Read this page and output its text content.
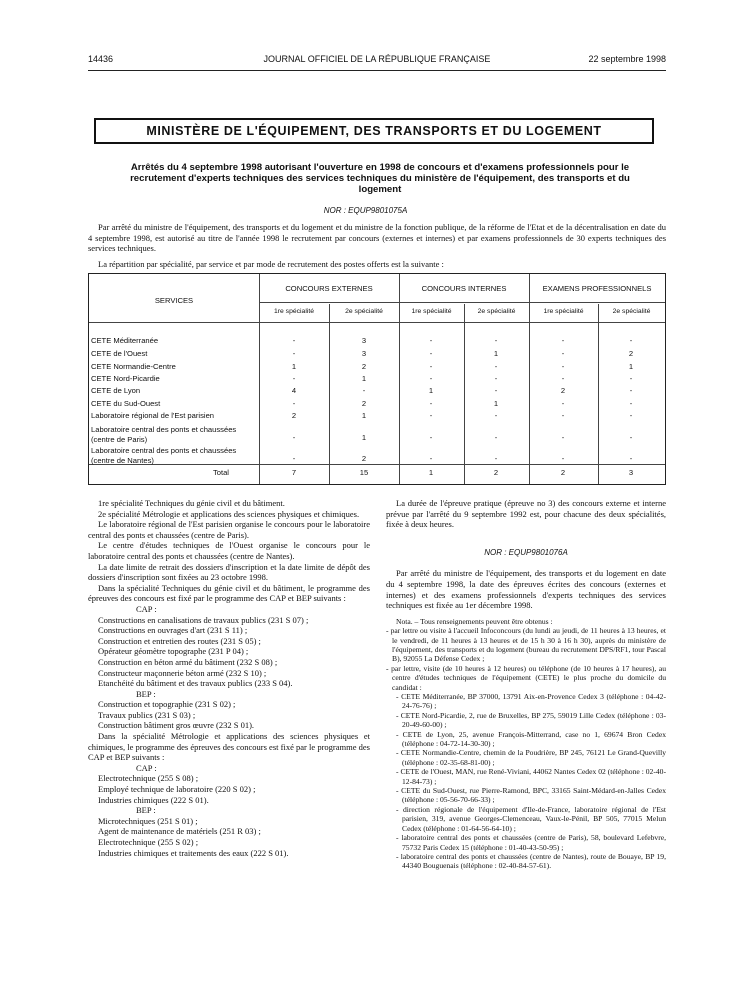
14436	JOURNAL OFFICIEL DE LA RÉPUBLIQUE FRANÇAISE	22 septembre 1998
MINISTÈRE DE L'ÉQUIPEMENT, DES TRANSPORTS ET DU LOGEMENT
Arrêtés du 4 septembre 1998 autorisant l'ouverture en 1998 de concours et d'examens professionnels pour le recrutement d'experts techniques des services techniques du ministère de l'équipement, des transports et du logement
NOR : EQUP9801075A

Par arrêté du ministre de l'équipement, des transports et du logement et du ministre de la fonction publique, de la réforme de l'Etat et de la décentralisation en date du 4 septembre 1998, est autorisé au titre de l'année 1998 le recrutement par concours (externes et internes) et par examens professionnels de 30 experts techniques des services techniques.

La répartition par spécialité, par service et par mode de recrutement des postes offerts est la suivante :

SERVICES
CONCOURS EXTERNES	CONCOURS INTERNES	EXAMENS PROFESSIONNELS
1re spécialité	2e spécialité	1re spécialité	2e spécialité	1re spécialité	2e spécialité
CETE Méditerranée	-	3	-	-	-	-
CETE de l'Ouest	-	3	-	1	-	2
CETE Normandie-Centre	1	2	-	-	-	1
CETE Nord-Picardie	-	1	-	-	-	-
CETE de Lyon	4	-	1	-	2	-
CETE du Sud-Ouest	-	2	-	1	-	-
Laboratoire régional de l'Est parisien	2	1	-	-	-	-
Laboratoire central des ponts et chaussées (centre de Paris)	-	1	-	-	-	-
Laboratoire central des ponts et chaussées (centre de Nantes)	-	2	-	-	-	-
Total	7	15	1	2	2	3

1re spécialité Techniques du génie civil et du bâtiment.

2e spécialité Métrologie et applications des sciences physiques et chimiques.

Le laboratoire régional de l'Est parisien organise le concours pour le laboratoire central des ponts et chaussées (centre de Paris).

Le centre d'études techniques de l'Ouest organise le concours pour le laboratoire central des ponts et chaussées (centre de Nantes).

La date limite de retrait des dossiers d'inscription et la date limite de dépôt des dossiers d'inscription sont fixées au 23 octobre 1998.

Dans la spécialité Techniques du génie civil et du bâtiment, le programme des épreuves des concours est fixé par le programme des CAP et BEP suivants :

CAP :

Constructions en canalisations de travaux publics (231 S 07) ;

Constructions en ouvrages d'art (231 S 11) ;

Construction et entretien des routes (231 S 05) ;

Opérateur géomètre topographe (231 P 04) ;

Construction en béton armé du bâtiment (232 S 08) ;

Constructeur maçonnerie béton armé (232 S 10) ;

Etanchéité du bâtiment et des travaux publics (233 S 04).

BEP :

Construction et topographie (231 S 02) ;

Travaux publics (231 S 03) ;

Construction bâtiment gros œuvre (232 S 01).

Dans la spécialité Métrologie et applications des sciences physiques et chimiques, le programme des épreuves des concours est fixé par le programme des CAP et BEP suivants :

CAP :

Electrotechnique (255 S 08) ;

Employé technique de laboratoire (220 S 02) ;

Industries chimiques (222 S 01).

BEP :

Microtechniques (251 S 01) ;

Agent de maintenance de matériels (251 R 03) ;

Electrotechnique (255 S 02) ;

Industries chimiques et traitements des eaux (222 S 01).

La durée de l'épreuve pratique (épreuve no 3) des concours externe et interne prévue par l'arrêté du 9 septembre 1992 est, pour chacune des deux spécialités, fixée à deux heures.

NOR : EQUP9801076A

Par arrêté du ministre de l'équipement, des transports et du logement en date du 4 septembre 1998, la date des épreuves écrites des concours (externes et internes) et des examens professionnels d'experts techniques des services techniques est fixée au 1er décembre 1998.

Nota. – Tous renseignements peuvent être obtenus :

- par lettre ou visite à l'accueil Infoconcours (du lundi au jeudi, de 11 heures à 13 heures, et le vendredi, de 11 heures à 13 heures et de 15 h 30 à 16 h 30), auprès du ministère de l'équipement, des transports et du logement (bureau du recrutement DPS/RF1, tour Pascal B), 92055 La Défense Cedex ;

- par lettre, visite (de 10 heures à 12 heures) ou téléphone (de 10 heures à 17 heures), au centre d'études techniques de l'équipement (CETE) le plus proche du domicile du candidat :

- CETE Méditerranée, BP 37000, 13791 Aix-en-Provence Cedex 3 (téléphone : 04-42-24-76-76) ;

- CETE Nord-Picardie, 2, rue de Bruxelles, BP 275, 59019 Lille Cedex (téléphone : 03-20-49-60-00) ;

- CETE de Lyon, 25, avenue François-Mitterrand, case no 1, 69674 Bron Cedex (téléphone : 04-72-14-30-30) ;

- CETE Normandie-Centre, chemin de la Poudrière, BP 245, 76121 Le Grand-Quevilly (téléphone : 02-35-68-81-00) ;

- CETE de l'Ouest, MAN, rue René-Viviani, 44062 Nantes Cedex 02 (téléphone : 02-40-12-84-73) ;

- CETE du Sud-Ouest, rue Pierre-Ramond, BPC, 33165 Saint-Médard-en-Jalles Cedex (téléphone : 05-56-70-66-33) ;

- direction régionale de l'équipement d'Ile-de-France, laboratoire régional de l'Est parisien, 319, avenue Georges-Clemenceau, Vaux-le-Pénil, BP 505, 77015 Melun Cedex (téléphone : 01-64-56-64-10) ;

- laboratoire central des ponts et chaussées (centre de Paris), 58, boulevard Lefebvre, 75732 Paris Cedex 15 (téléphone : 01-40-43-50-95) ;

- laboratoire central des ponts et chaussées (centre de Nantes), route de Bouaye, BP 19, 44340 Bouguenais (téléphone : 02-40-84-57-61).
